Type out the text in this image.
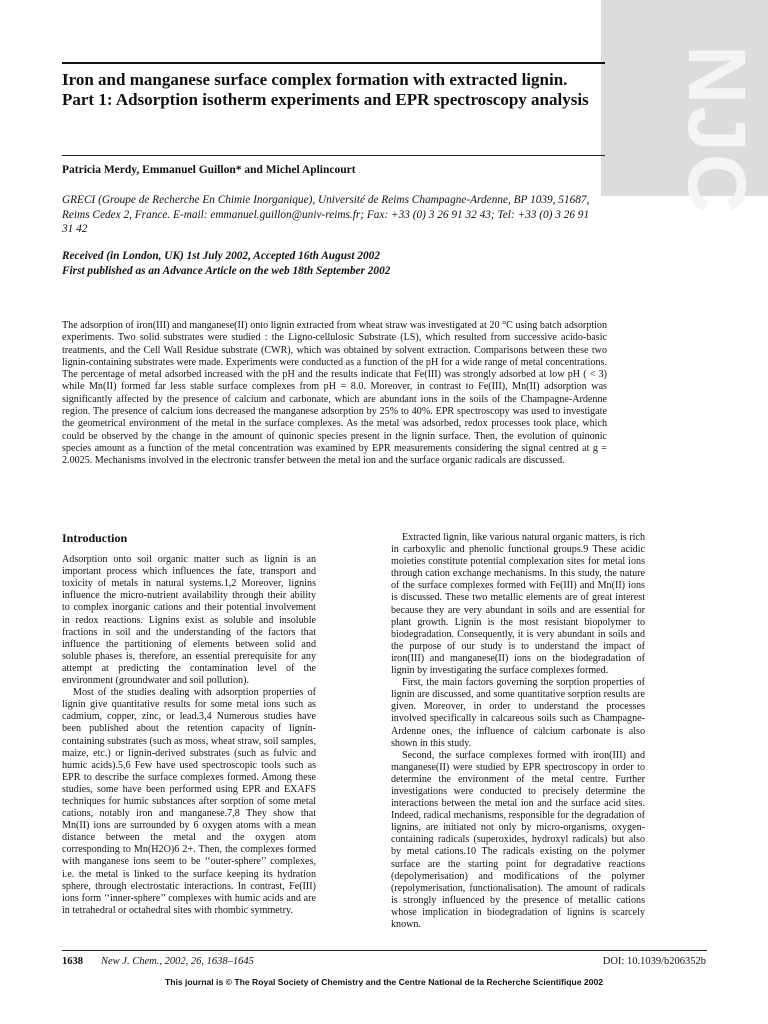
NJC
Iron and manganese surface complex formation with extracted lignin. Part 1: Adsorption isotherm experiments and EPR spectroscopy analysis
Patricia Merdy, Emmanuel Guillon* and Michel Aplincourt
GRECI (Groupe de Recherche En Chimie Inorganique), Université de Reims Champagne-Ardenne, BP 1039, 51687, Reims Cedex 2, France. E-mail: emmanuel.guillon@univ-reims.fr; Fax: +33 (0) 3 26 91 32 43; Tel: +33 (0) 3 26 91 31 42
Received (in London, UK) 1st July 2002, Accepted 16th August 2002
First published as an Advance Article on the web 18th September 2002
The adsorption of iron(III) and manganese(II) onto lignin extracted from wheat straw was investigated at 20 °C using batch adsorption experiments. Two solid substrates were studied : the Ligno-cellulosic Substrate (LS), which resulted from successive acido-basic treatments, and the Cell Wall Residue substrate (CWR), which was obtained by solvent extraction. Comparisons between these two lignin-containing substrates were made. Experiments were conducted as a function of the pH for a wide range of metal concentrations. The percentage of metal adsorbed increased with the pH and the results indicate that Fe(III) was strongly adsorbed at low pH ( < 3) while Mn(II) formed far less stable surface complexes from pH = 8.0. Moreover, in contrast to Fe(III), Mn(II) adsorption was significantly affected by the presence of calcium and carbonate, which are abundant ions in the soils of the Champagne-Ardenne region. The presence of calcium ions decreased the manganese adsorption by 25% to 40%. EPR spectroscopy was used to investigate the geometrical environment of the metal in the surface complexes. As the metal was adsorbed, redox processes took place, which could be observed by the change in the amount of quinonic species present in the lignin surface. Then, the evolution of quinonic species amount as a function of the metal concentration was examined by EPR measurements considering the signal centred at g = 2.0025. Mechanisms involved in the electronic transfer between the metal ion and the surface organic radicals are discussed.
Introduction

Adsorption onto soil organic matter such as lignin is an important process which influences the fate, transport and toxicity of metals in natural systems.1,2 Moreover, lignins influence the micro-nutrient availability through their ability to complex inorganic cations and their potential involvement in redox reactions. Lignins exist as soluble and insoluble fractions in soil and the understanding of the factors that influence the partitioning of elements between solid and soluble phases is, therefore, an essential prerequisite for any attempt at predicting the contamination level of the environment (groundwater and soil pollution).

Most of the studies dealing with adsorption properties of lignin give quantitative results for some metal ions such as cadmium, copper, zinc, or lead.3,4 Numerous studies have been published about the retention capacity of lignin-containing substrates (such as moss, wheat straw, soil samples, maize, etc.) or lignin-derived substrates (such as fulvic and humic acids).5,6 Few have used spectroscopic tools such as EPR to describe the surface complexes formed. Among these studies, some have been performed using EPR and EXAFS techniques for humic substances after sorption of some metal cations, notably iron and manganese.7,8 They show that Mn(II) ions are surrounded by 6 oxygen atoms with a mean distance between the metal and the oxygen atom corresponding to Mn(H2O)6 2+. Then, the complexes formed with manganese ions seem to be ‘‘outer-sphere’’ complexes, i.e. the metal is linked to the surface keeping its hydration sphere, through electrostatic interactions. In contrast, Fe(III) ions form ‘‘inner-sphere’’ complexes with humic acids and are in tetrahedral or octahedral sites with rhombic symmetry.

Extracted lignin, like various natural organic matters, is rich in carboxylic and phenolic functional groups.9 These acidic moieties constitute potential complexation sites for metal ions through cation exchange mechanisms. In this study, the nature of the surface complexes formed with Fe(III) and Mn(II) ions is discussed. These two metallic elements are of great interest because they are very abundant in soils and are essential for plant growth. Lignin is the most resistant biopolymer to biodegradation. Consequently, it is very abundant in soils and the purpose of our study is to understand the impact of iron(III) and manganese(II) ions on the biodegradation of lignin by investigating the surface complexes formed.

First, the main factors governing the sorption properties of lignin are discussed, and some quantitative sorption results are given. Moreover, in order to understand the processes involved specifically in calcareous soils such as Champagne-Ardenne ones, the influence of calcium carbonate is also shown in this study.

Second, the surface complexes formed with iron(III) and manganese(II) were studied by EPR spectroscopy in order to determine the environment of the metal centre. Further investigations were conducted to precisely determine the interactions between the metal ion and the surface acid sites. Indeed, radical mechanisms, responsible for the degradation of lignins, are initiated not only by micro-organisms, oxygen-containing radicals (superoxides, hydroxyl radicals) but also by metal cations.10 The radicals existing on the polymer surface are the starting point for degradative reactions (depolymerisation) and modifications of the polymer (repolymerisation, functionalisation). The amount of radicals is strongly influenced by the presence of metallic cations whose implication in biodegradation of lignins is scarcely known.

1638 New J. Chem., 2002, 26, 1638–1645	DOI: 10.1039/b206352b
This journal is © The Royal Society of Chemistry and the Centre National de la Recherche Scientifique 2002
